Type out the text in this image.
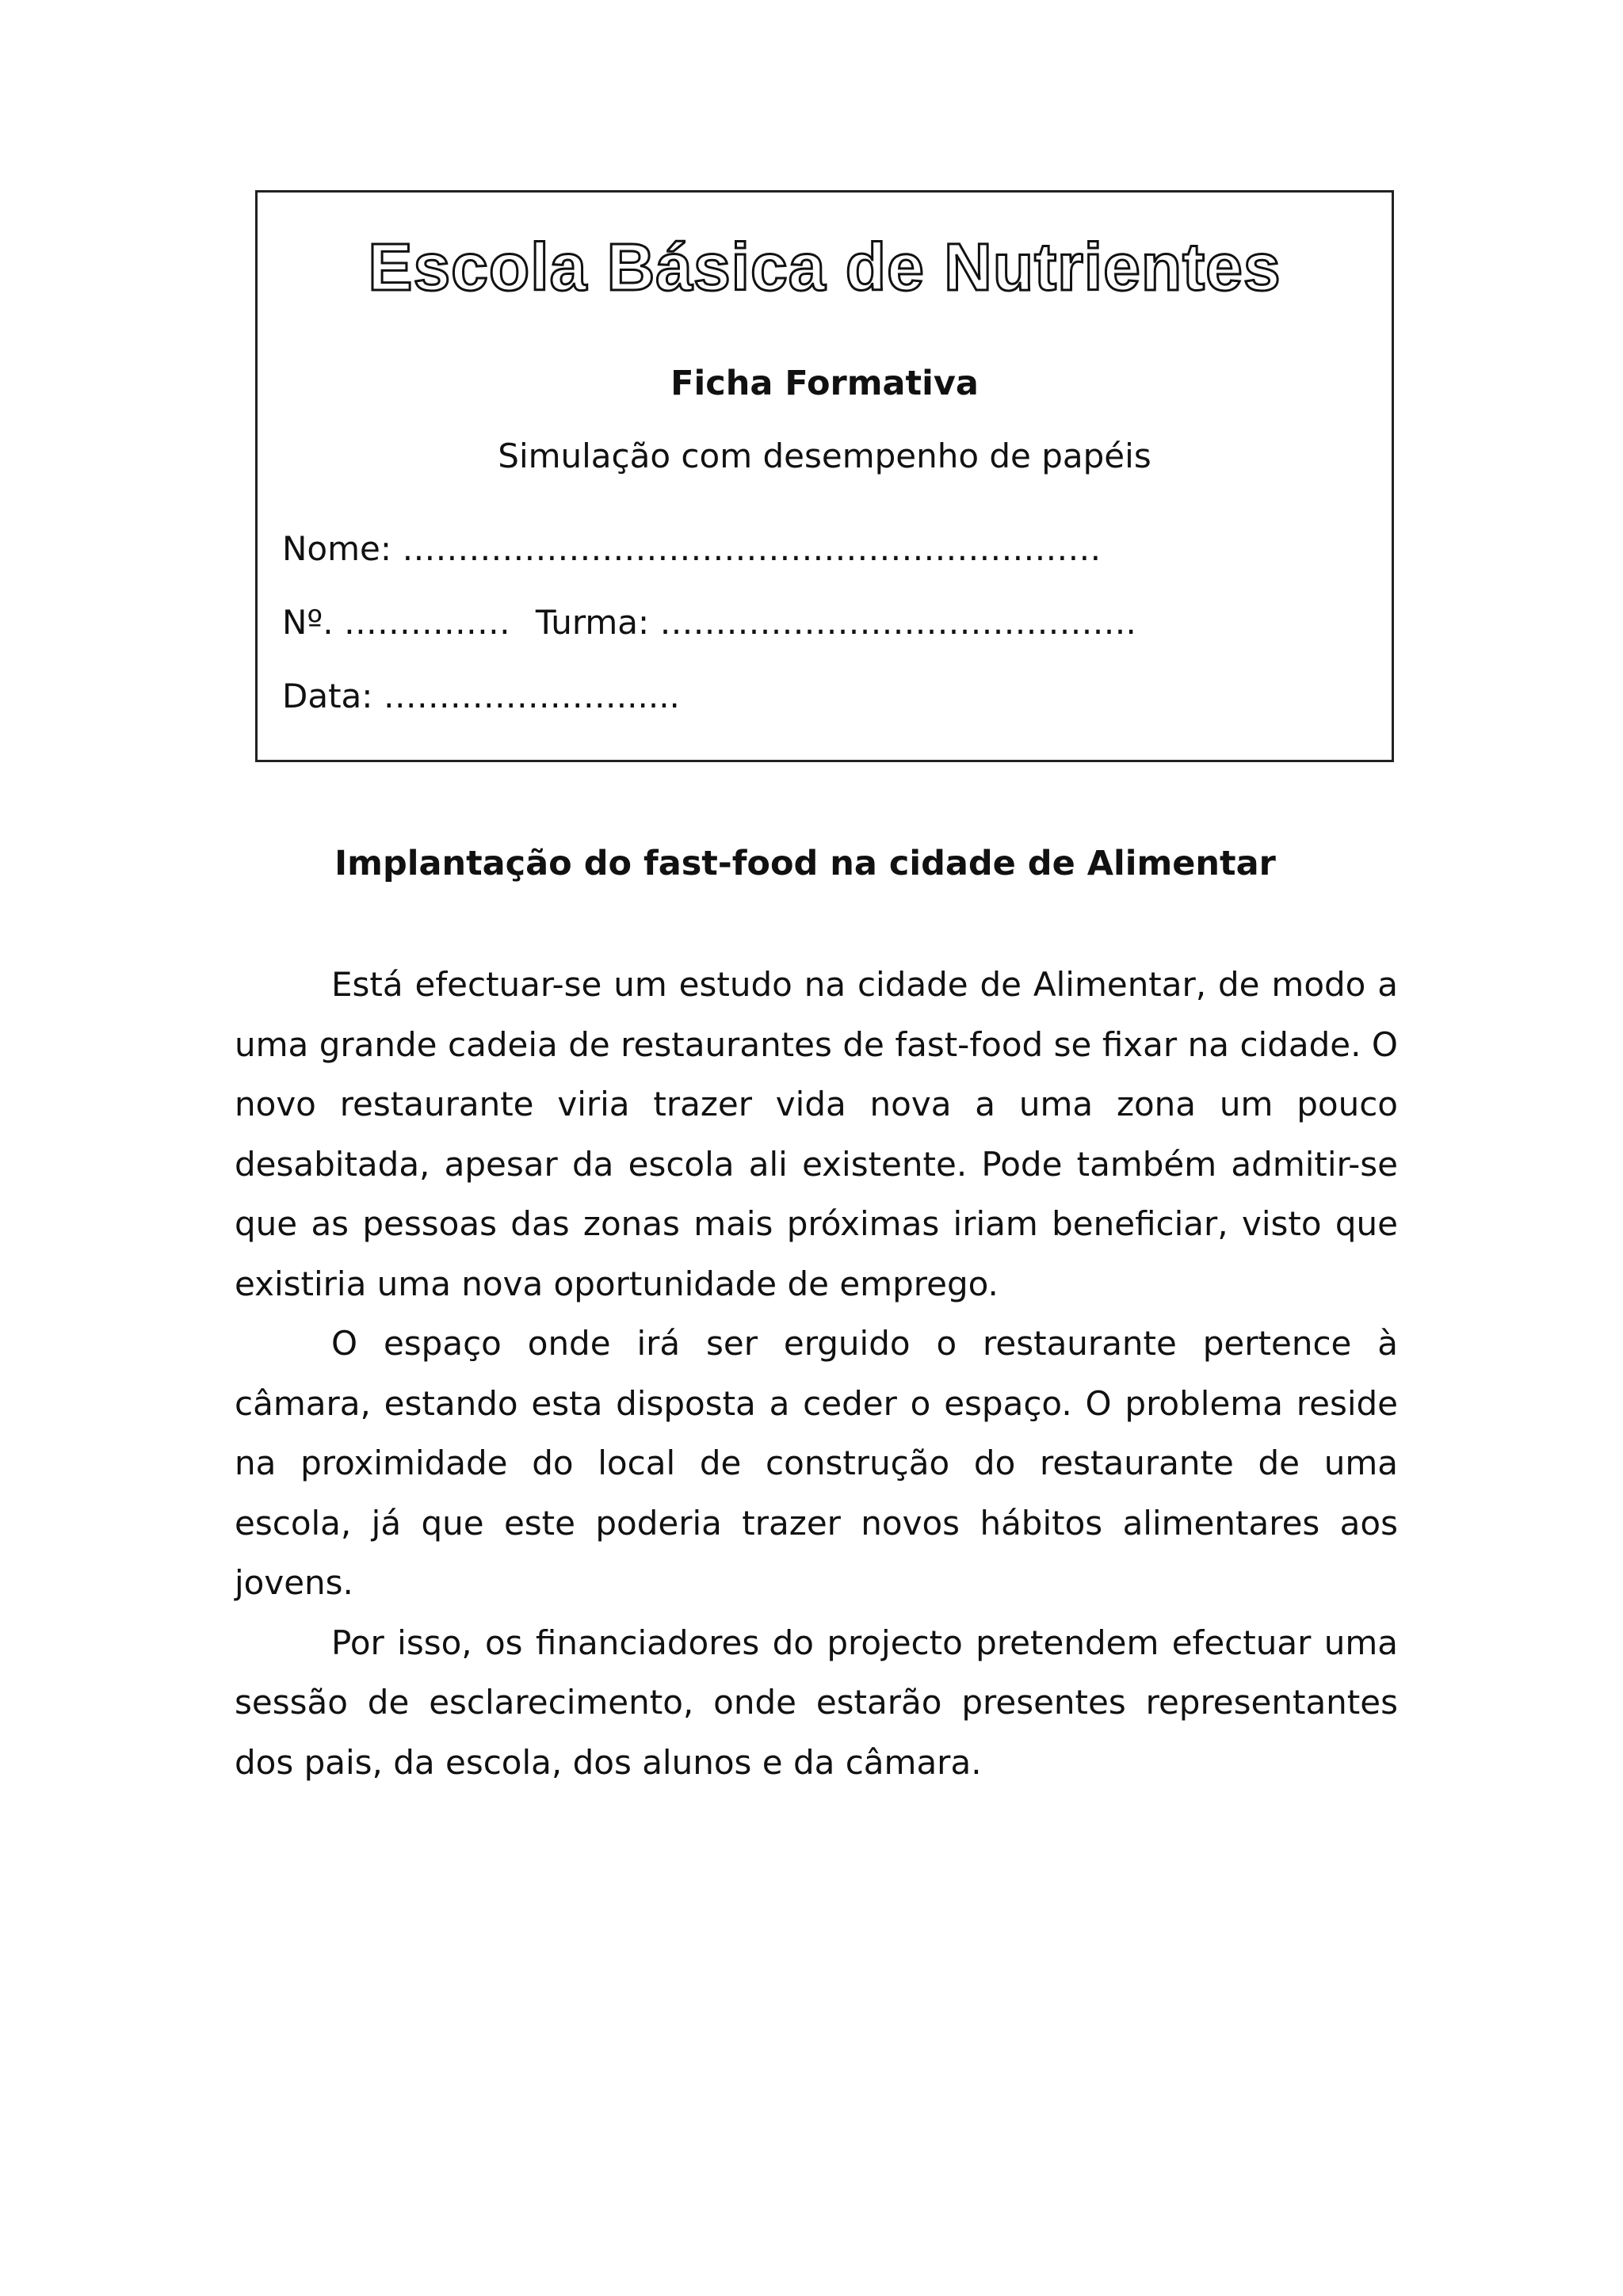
Escola Básica de Nutrientes
Ficha Formativa
Simulação com desempenho de papéis
Nome: ………………………………………………………
Nº. …………… Turma: …………………………………….
Data: …………………......
Implantação do fast-food na cidade de Alimentar

Está efectuar-se um estudo na cidade de Alimentar, de modo a uma grande cadeia de restaurantes de fast-food se fixar na cidade. O novo restaurante viria trazer vida nova a uma zona um pouco desabitada, apesar da escola ali existente. Pode também admitir-se que as pessoas das zonas mais próximas iriam beneficiar, visto que existiria uma nova oportunidade de emprego.

O espaço onde irá ser erguido o restaurante pertence à câmara, estando esta disposta a ceder o espaço. O problema reside na proximidade do local de construção do restaurante de uma escola, já que este poderia trazer novos hábitos alimentares aos jovens.

Por isso, os financiadores do projecto pretendem efectuar uma sessão de esclarecimento, onde estarão presentes representantes dos pais, da escola, dos alunos e da câmara.
